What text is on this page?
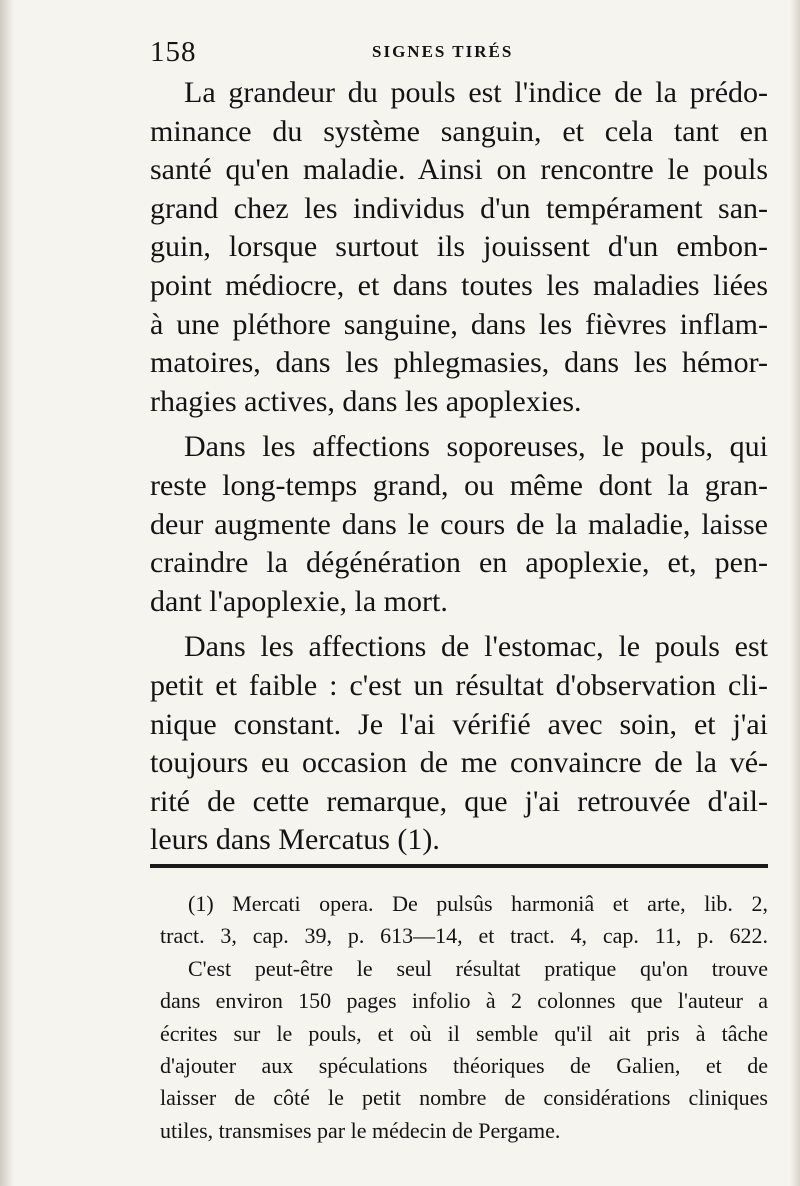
158	SIGNES TIRÉS
La grandeur du pouls est l'indice de la prédo-
minance du système sanguin, et cela tant en
santé qu'en maladie. Ainsi on rencontre le pouls
grand chez les individus d'un tempérament san-
guin, lorsque surtout ils jouissent d'un embon-
point médiocre, et dans toutes les maladies liées
à une pléthore sanguine, dans les fièvres inflam-
matoires, dans les phlegmasies, dans les hémor-
rhagies actives, dans les apoplexies.
Dans les affections soporeuses, le pouls, qui
reste long-temps grand, ou même dont la gran-
deur augmente dans le cours de la maladie, laisse
craindre la dégénération en apoplexie, et, pen-
dant l'apoplexie, la mort.
Dans les affections de l'estomac, le pouls est
petit et faible : c'est un résultat d'observation cli-
nique constant. Je l'ai vérifié avec soin, et j'ai
toujours eu occasion de me convaincre de la vé-
rité de cette remarque, que j'ai retrouvée d'ail-
leurs dans Mercatus (1).
(1) Mercati opera. De pulsûs harmoniâ et arte, lib. 2,
tract. 3, cap. 39, p. 613—14, et tract. 4, cap. 11, p. 622.
C'est peut-être le seul résultat pratique qu'on trouve
dans environ 150 pages infolio à 2 colonnes que l'auteur a
écrites sur le pouls, et où il semble qu'il ait pris à tâche
d'ajouter aux spéculations théoriques de Galien, et de
laisser de côté le petit nombre de considérations cliniques
utiles, transmises par le médecin de Pergame.
